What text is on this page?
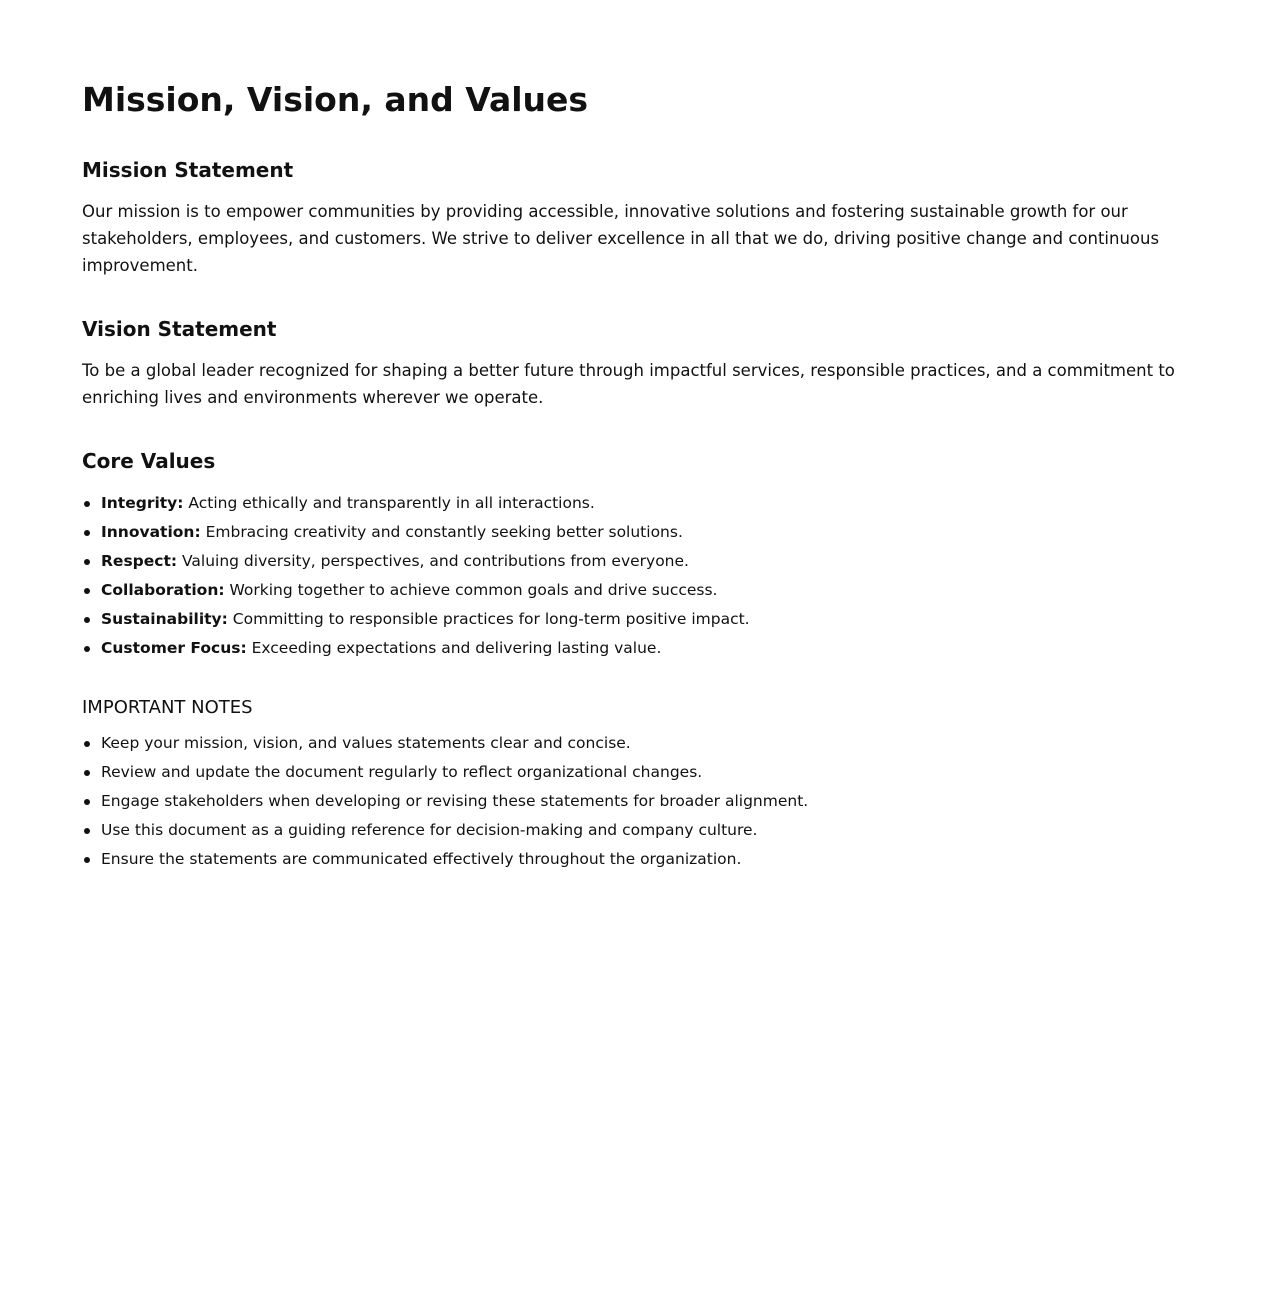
Mission, Vision, and Values
Mission Statement

Our mission is to empower communities by providing accessible, innovative solutions and fostering sustainable growth for our stakeholders, employees, and customers. We strive to deliver excellence in all that we do, driving positive change and continuous improvement.

Vision Statement

To be a global leader recognized for shaping a better future through impactful services, responsible practices, and a commitment to enriching lives and environments wherever we operate.

Core Values
Integrity: Acting ethically and transparently in all interactions.
Innovation: Embracing creativity and constantly seeking better solutions.
Respect: Valuing diversity, perspectives, and contributions from everyone.
Collaboration: Working together to achieve common goals and drive success.
Sustainability: Committing to responsible practices for long-term positive impact.
Customer Focus: Exceeding expectations and delivering lasting value.
IMPORTANT NOTES
Keep your mission, vision, and values statements clear and concise.
Review and update the document regularly to reflect organizational changes.
Engage stakeholders when developing or revising these statements for broader alignment.
Use this document as a guiding reference for decision-making and company culture.
Ensure the statements are communicated effectively throughout the organization.
